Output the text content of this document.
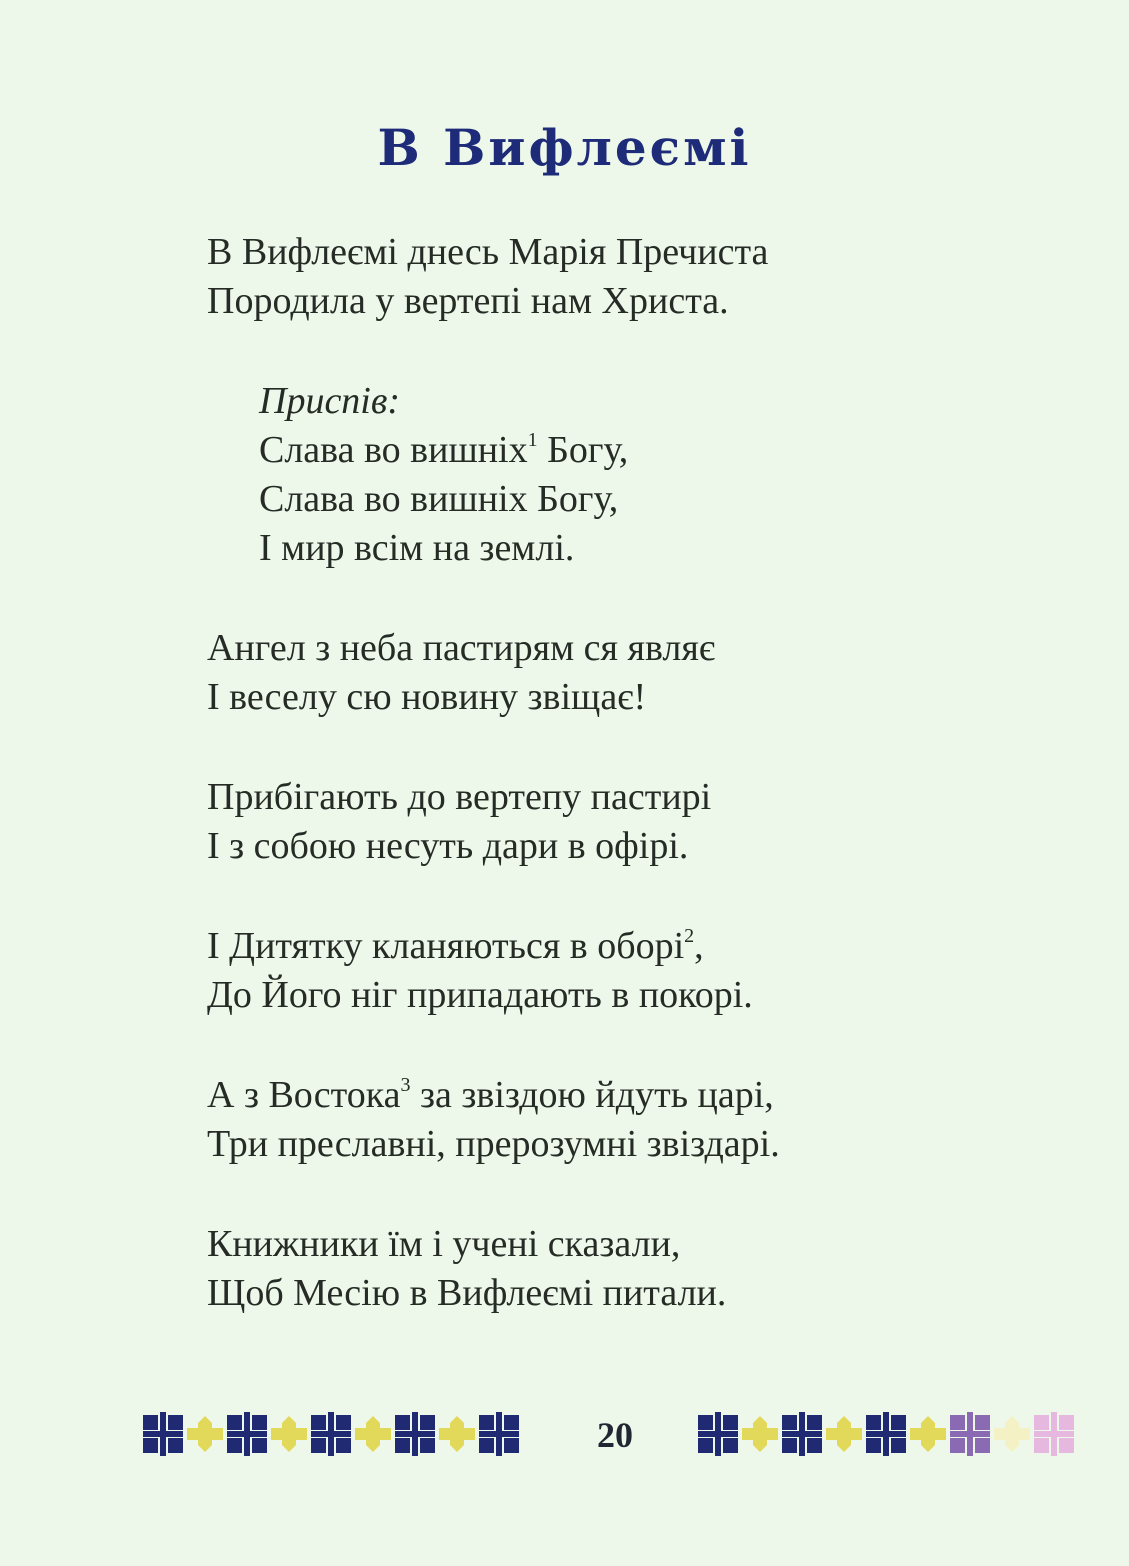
В Вифлеємі
В Вифлеємі днесь Марія Пречиста
Породила у вертепі нам Христа.
Приспів:
Слава во вишніх$^1$ Богу,
Слава во вишніх Богу,
І мир всім на землі.
Ангел з неба пастирям ся являє
І веселу сю новину звіщає!
Прибігають до вертепу пастирі
І з собою несуть дари в офірі.
І Дитятку кланяються в оборі$^2$,
До Його ніг припадають в покорі.
А з Востока$^3$ за звіздою йдуть царі,
Три преславні, прерозумні звіздарі.
Книжники їм і учені сказали,
Щоб Месію в Вифлеємі питали.
20
